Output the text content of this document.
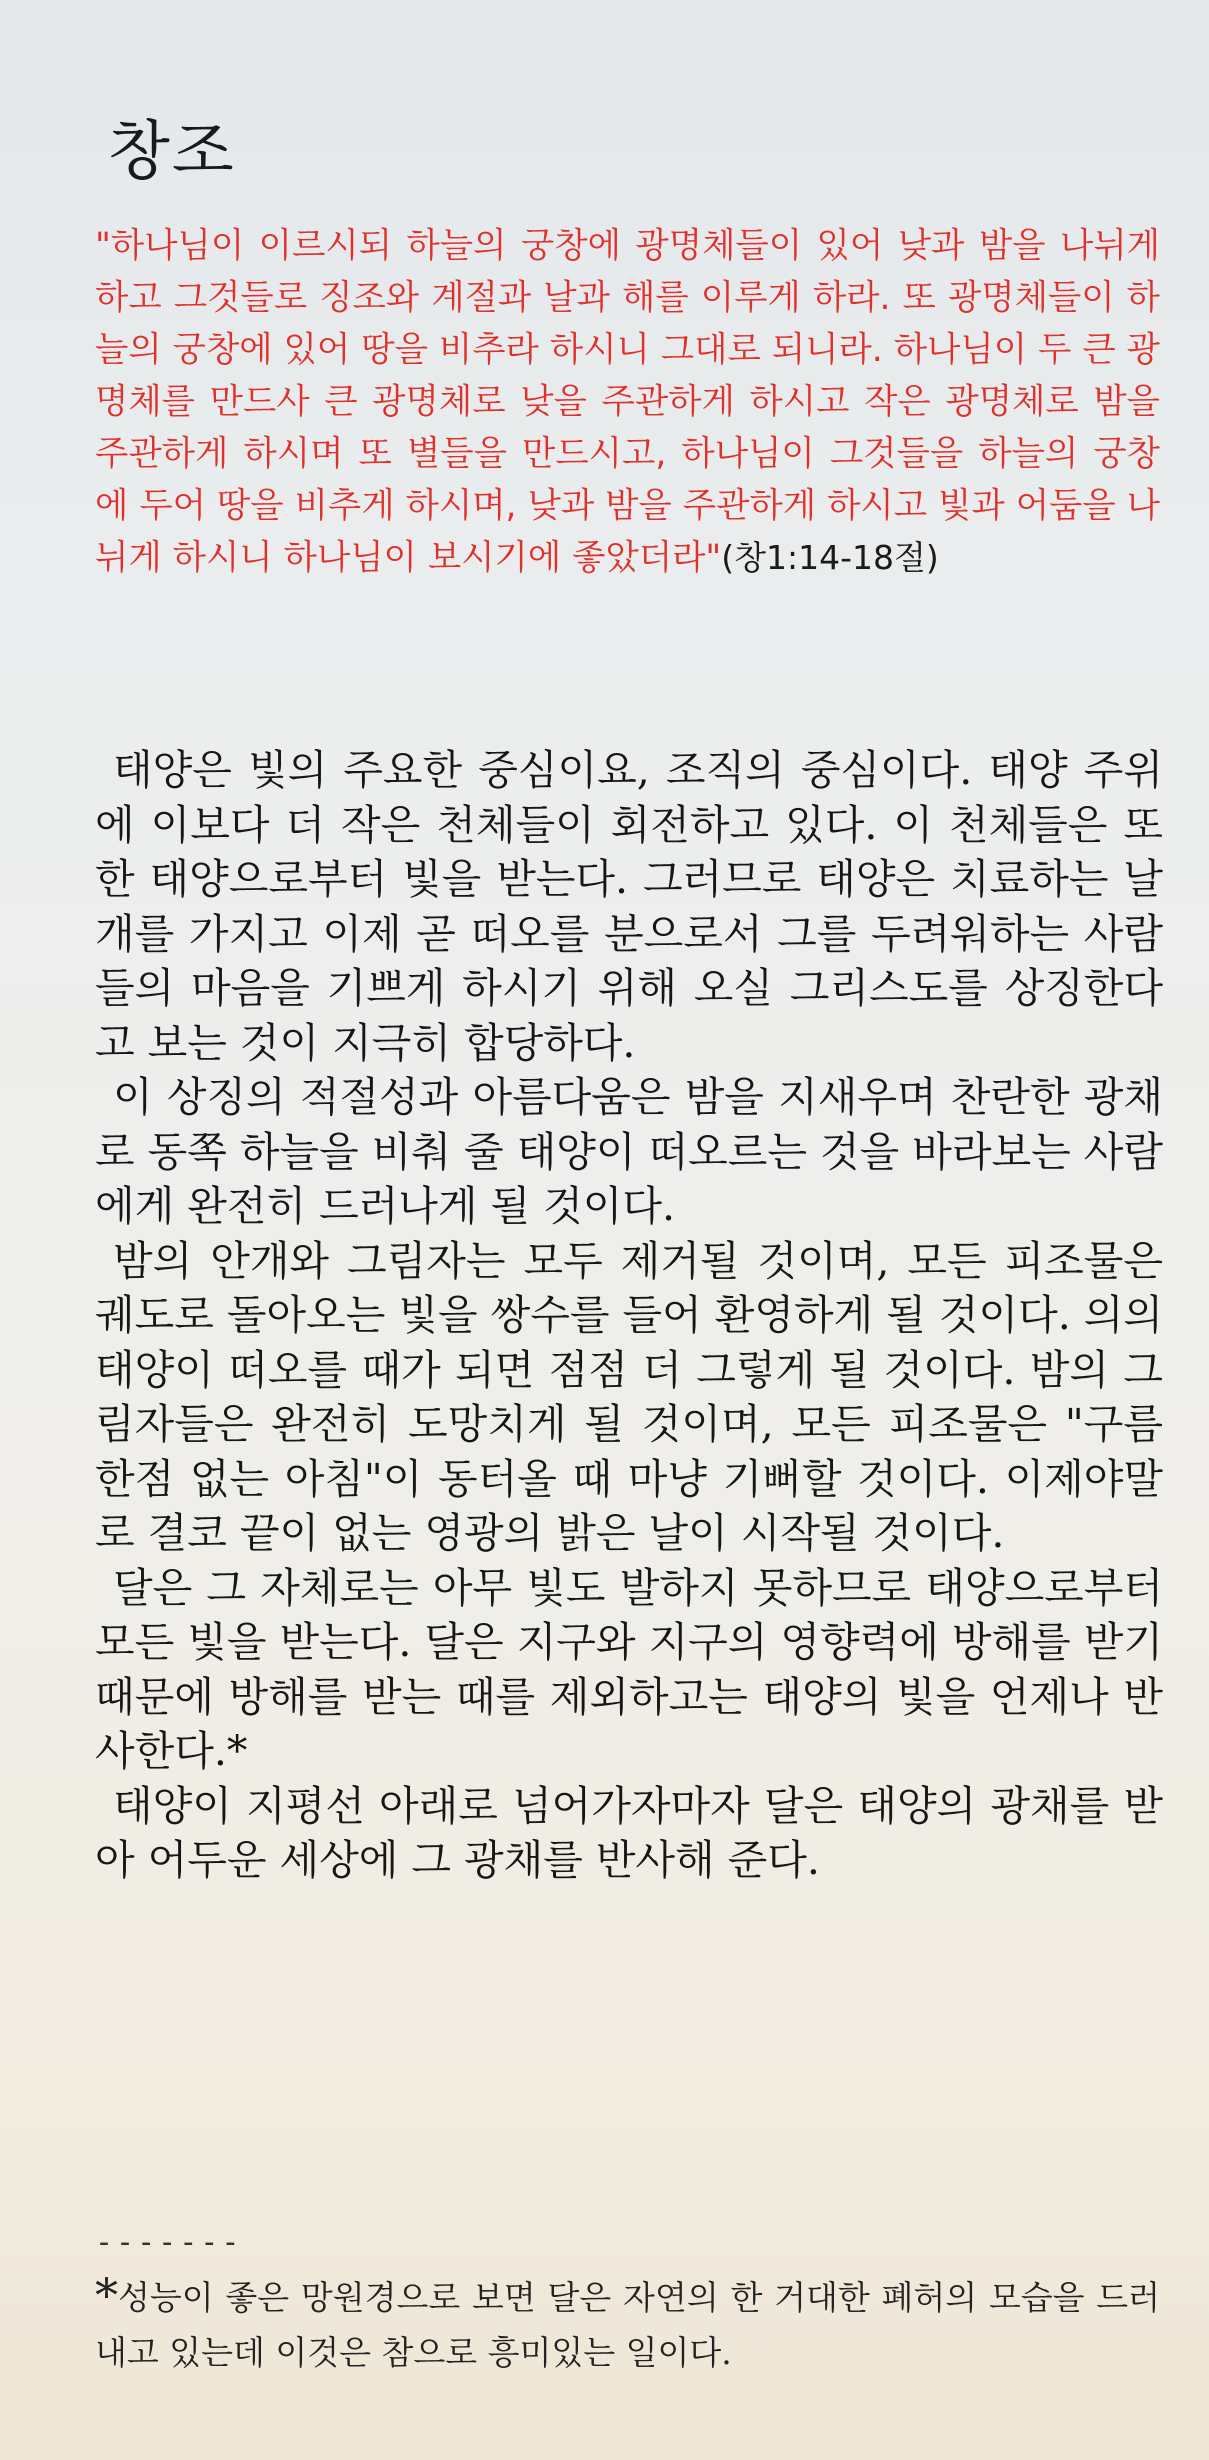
창조

"하나님이 이르시되 하늘의 궁창에 광명체들이 있어 낮과 밤을 나뉘게 하고 그것들로 징조와 계절과 날과 해를 이루게 하라. 또 광명체들이 하늘의 궁창에 있어 땅을 비추라 하시니 그대로 되니라. 하나님이 두 큰 광명체를 만드사 큰 광명체로 낮을 주관하게 하시고 작은 광명체로 밤을 주관하게 하시며 또 별들을 만드시고, 하나님이 그것들을 하늘의 궁창에 두어 땅을 비추게 하시며, 낮과 밤을 주관하게 하시고 빛과 어둠을 나뉘게 하시니 하나님이 보시기에 좋았더라"(창1:14-18절)

태양은 빛의 주요한 중심이요, 조직의 중심이다. 태양 주위에 이보다 더 작은 천체들이 회전하고 있다. 이 천체들은 또한 태양으로부터 빛을 받는다. 그러므로 태양은 치료하는 날개를 가지고 이제 곧 떠오를 분으로서 그를 두려워하는 사람들의 마음을 기쁘게 하시기 위해 오실 그리스도를 상징한다고 보는 것이 지극히 합당하다.

이 상징의 적절성과 아름다움은 밤을 지새우며 찬란한 광채로 동쪽 하늘을 비춰 줄 태양이 떠오르는 것을 바라보는 사람에게 완전히 드러나게 될 것이다.

밤의 안개와 그림자는 모두 제거될 것이며, 모든 피조물은 궤도로 돌아오는 빛을 쌍수를 들어 환영하게 될 것이다. 의의 태양이 떠오를 때가 되면 점점 더 그렇게 될 것이다. 밤의 그림자들은 완전히 도망치게 될 것이며, 모든 피조물은 "구름 한점 없는 아침"이 동터올 때 마냥 기뻐할 것이다. 이제야말로 결코 끝이 없는 영광의 밝은 날이 시작될 것이다.

달은 그 자체로는 아무 빛도 발하지 못하므로 태양으로부터 모든 빛을 받는다. 달은 지구와 지구의 영향력에 방해를 받기 때문에 방해를 받는 때를 제외하고는 태양의 빛을 언제나 반사한다.*

태양이 지평선 아래로 넘어가자마자 달은 태양의 광채를 받아 어두운 세상에 그 광채를 반사해 준다.

-------

*성능이 좋은 망원경으로 보면 달은 자연의 한 거대한 폐허의 모습을 드러내고 있는데 이것은 참으로 흥미있는 일이다.
